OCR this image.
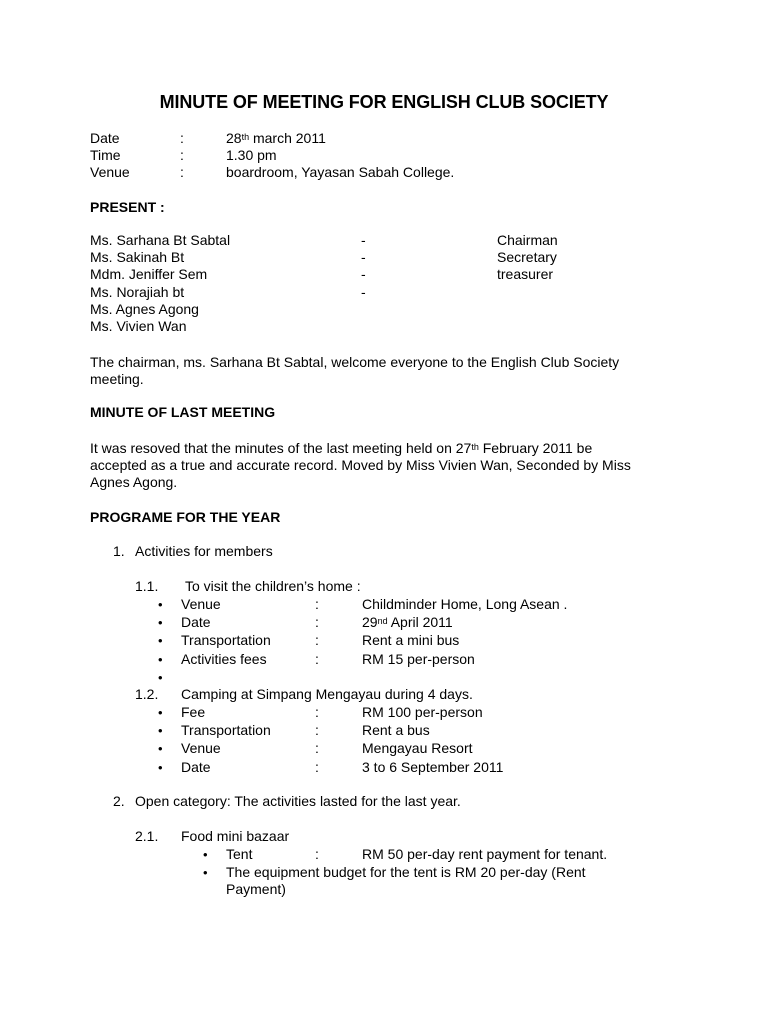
MINUTE OF MEETING FOR ENGLISH CLUB SOCIETY
Date	:	28th march 2011
Time	:	1.30 pm
Venue	:	boardroom, Yayasan Sabah College.
PRESENT :
Ms. Sarhana Bt Sabtal	-	Chairman
Ms. Sakinah Bt	-	Secretary
Mdm. Jeniffer Sem	-	treasurer
Ms. Norajiah bt	-
Ms. Agnes Agong
Ms. Vivien Wan
The chairman, ms. Sarhana Bt Sabtal, welcome everyone to the English Club Society
meeting.
MINUTE OF LAST MEETING
It was resoved that the minutes of the last meeting held on 27th February 2011 be
accepted as a true and accurate record. Moved by Miss Vivien Wan, Seconded by Miss
Agnes Agong.
PROGRAME FOR THE YEAR
1. Activities for members
1.1. To visit the children’s home :
• Venue	:	Childminder Home, Long Asean .
• Date	:	29nd April 2011
• Transportation	:	Rent a mini bus
• Activities fees	:	RM 15 per-person
•
1.2. Camping at Simpang Mengayau during 4 days.
• Fee	:	RM 100 per-person
• Transportation	:	Rent a bus
• Venue	:	Mengayau Resort
• Date	:	3 to 6 September 2011
2. Open category: The activities lasted for the last year.
2.1. Food mini bazaar
• Tent	:	RM 50 per-day rent payment for tenant.
• The equipment budget for the tent is RM 20 per-day (Rent
Payment)
